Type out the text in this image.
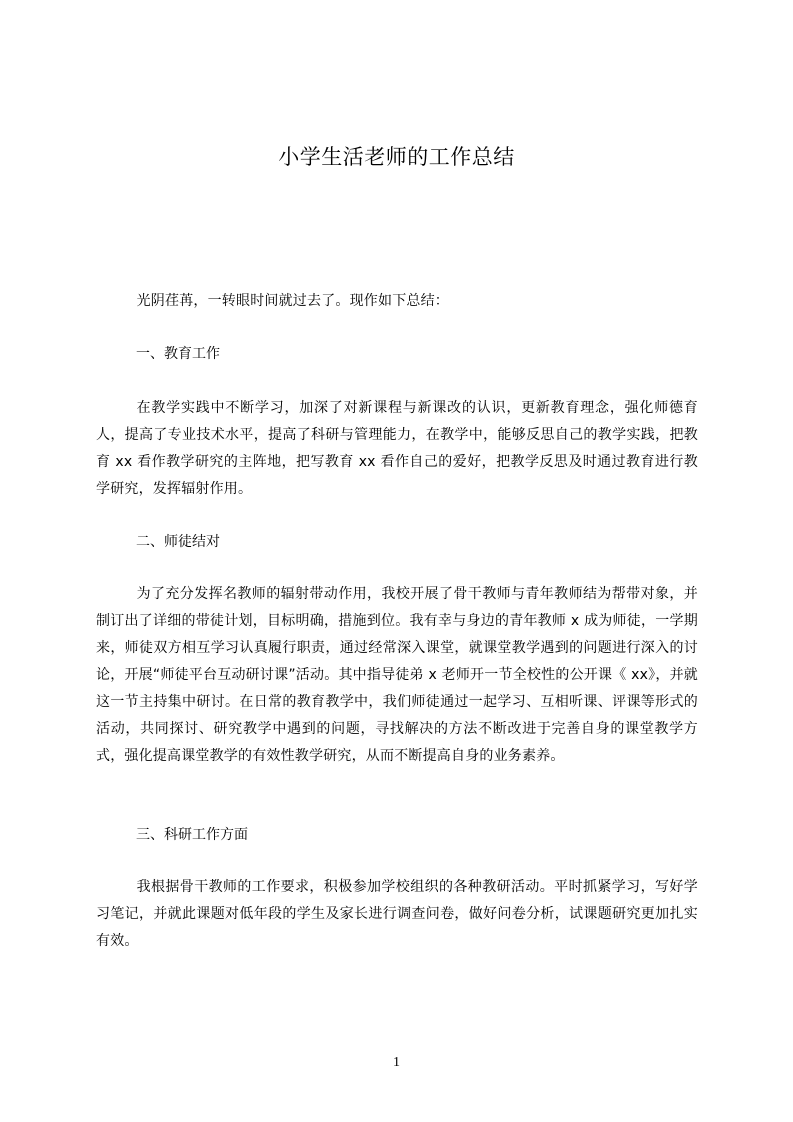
小学生活老师的工作总结

光阴荏苒，一转眼时间就过去了。现作如下总结：

一、教育工作

在教学实践中不断学习，加深了对新课程与新课改的认识，更新教育理念，强化师德育人，提高了专业技术水平，提高了科研与管理能力，在教学中，能够反思自己的教学实践，把教育 xx 看作教学研究的主阵地，把写教育 xx 看作自己的爱好，把教学反思及时通过教育进行教学研究，发挥辐射作用。

二、师徒结对

为了充分发挥名教师的辐射带动作用，我校开展了骨干教师与青年教师结为帮带对象，并制订出了详细的带徒计划，目标明确，措施到位。我有幸与身边的青年教师 x 成为师徒，一学期来，师徒双方相互学习认真履行职责，通过经常深入课堂，就课堂教学遇到的问题进行深入的讨论，开展“师徒平台互动研讨课”活动。其中指导徒弟 x 老师开一节全校性的公开课《 xx》，并就这一节主持集中研讨。在日常的教育教学中，我们师徒通过一起学习、互相听课、评课等形式的活动，共同探讨、研究教学中遇到的问题，寻找解决的方法不断改进于完善自身的课堂教学方式，强化提高课堂教学的有效性教学研究，从而不断提高自身的业务素养。

三、科研工作方面

我根据骨干教师的工作要求，积极参加学校组织的各种教研活动。平时抓紧学习，写好学习笔记，并就此课题对低年段的学生及家长进行调查问卷，做好问卷分析，试课题研究更加扎实有效。

1
